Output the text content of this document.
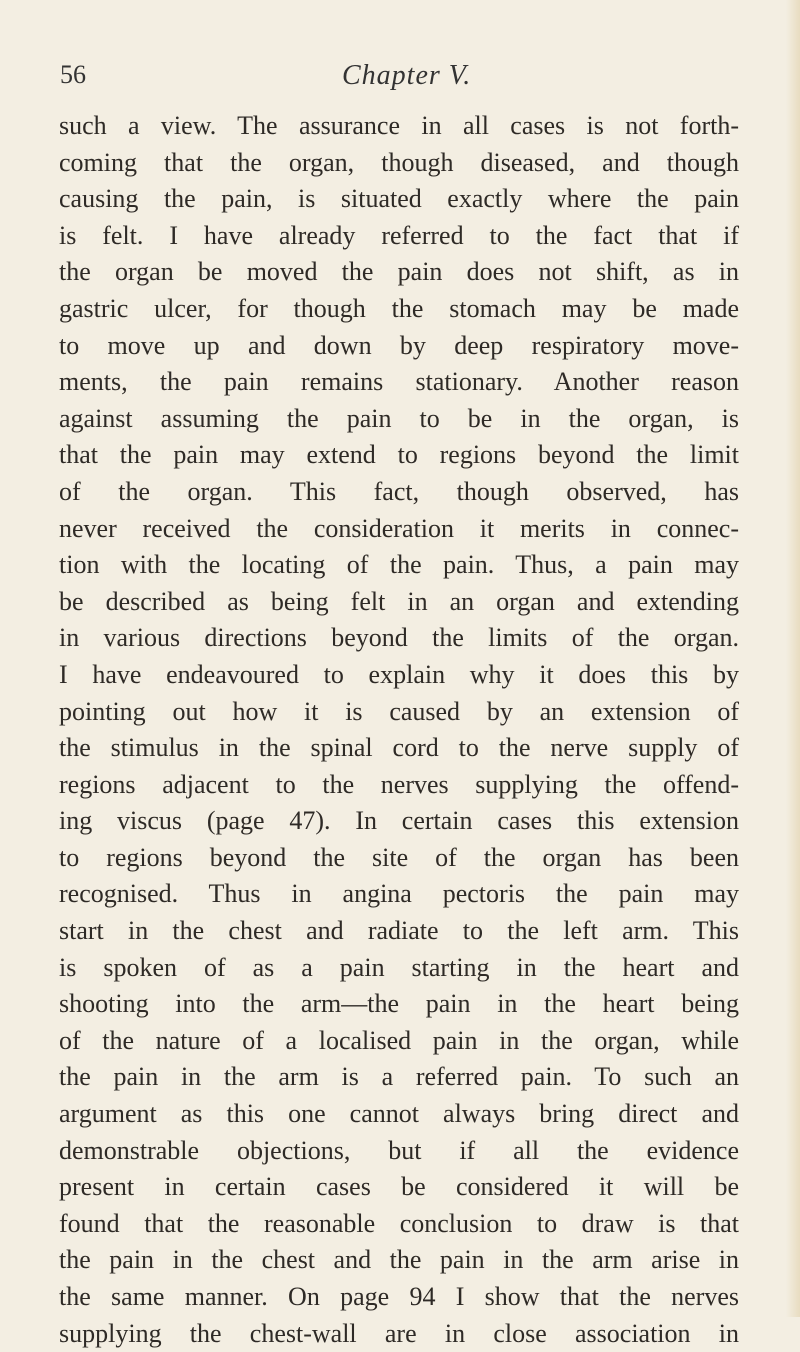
56	Chapter V.
such a view. The assurance in all cases is not forth-
coming that the organ, though diseased, and though
causing the pain, is situated exactly where the pain
is felt. I have already referred to the fact that if
the organ be moved the pain does not shift, as in
gastric ulcer, for though the stomach may be made
to move up and down by deep respiratory move-
ments, the pain remains stationary. Another reason
against assuming the pain to be in the organ, is
that the pain may extend to regions beyond the limit
of the organ. This fact, though observed, has
never received the consideration it merits in connec-
tion with the locating of the pain. Thus, a pain may
be described as being felt in an organ and extending
in various directions beyond the limits of the organ.
I have endeavoured to explain why it does this by
pointing out how it is caused by an extension of
the stimulus in the spinal cord to the nerve supply of
regions adjacent to the nerves supplying the offend-
ing viscus (page 47). In certain cases this extension
to regions beyond the site of the organ has been
recognised. Thus in angina pectoris the pain may
start in the chest and radiate to the left arm. This
is spoken of as a pain starting in the heart and
shooting into the arm—the pain in the heart being
of the nature of a localised pain in the organ, while
the pain in the arm is a referred pain. To such an
argument as this one cannot always bring direct and
demonstrable objections, but if all the evidence
present in certain cases be considered it will be
found that the reasonable conclusion to draw is that
the pain in the chest and the pain in the arm arise in
the same manner. On page 94 I show that the nerves
supplying the chest-wall are in close association in
